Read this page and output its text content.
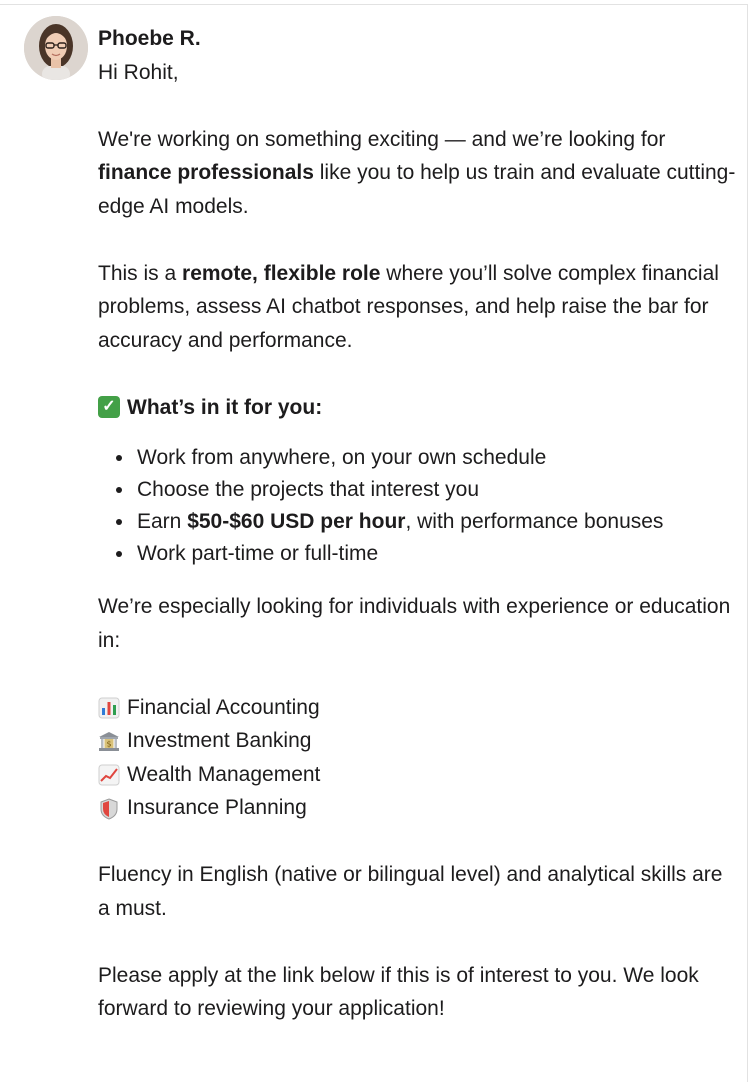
Phoebe R.

Hi Rohit,

We're working on something exciting — and we’re looking for finance professionals like you to help us train and evaluate cutting-edge AI models.

This is a remote, flexible role where you’ll solve complex financial problems, assess AI chatbot responses, and help raise the bar for accuracy and performance.

✓ What’s in it for you:

Work from anywhere, on your own schedule
Choose the projects that interest you
Earn $50-$60 USD per hour, with performance bonuses
Work part-time or full-time

We’re especially looking for individuals with experience or education in:

Financial Accounting

$ Investment Banking

Wealth Management

Insurance Planning

Fluency in English (native or bilingual level) and analytical skills are a must.

Please apply at the link below if this is of interest to you. We look forward to reviewing your application!
